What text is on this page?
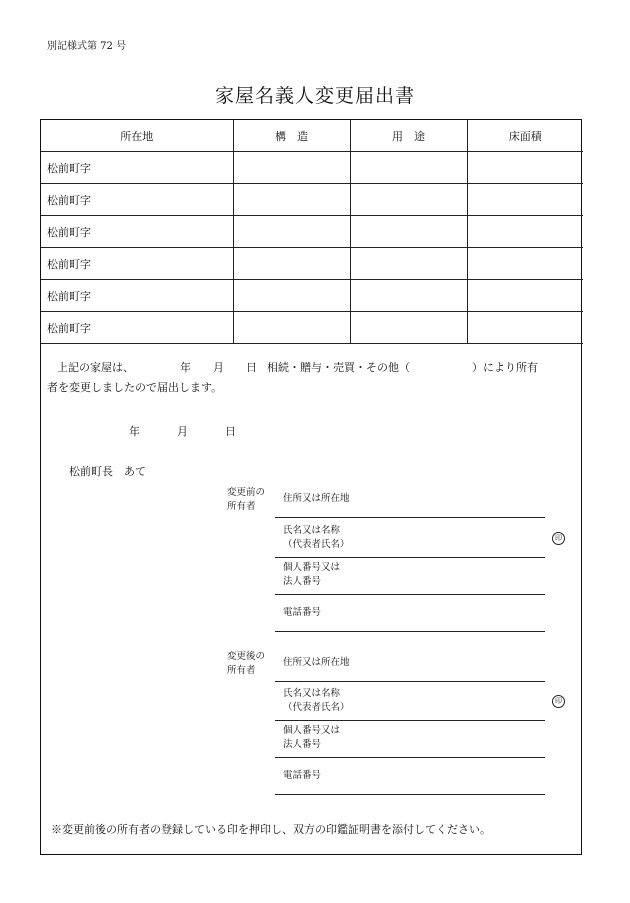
別記様式第 72 号
家屋名義人変更届出書
所在地	構　造	用　途	床面積
松前町字			
松前町字			
松前町字			
松前町字			
松前町字			
松前町字			
上記の家屋は、	年 月 日 相続・贈与・売買・その他（	）により所有
者を変更しましたので届出します。
年	月	日
松前町長　あて
変更前の
所有者
住所又は所在地
氏名又は名称
（代表者氏名）
印
個人番号又は
法人番号
電話番号
変更後の
所有者
住所又は所在地
氏名又は名称
（代表者氏名）
印
個人番号又は
法人番号
電話番号
※変更前後の所有者の登録している印を押印し、双方の印鑑証明書を添付してください。
